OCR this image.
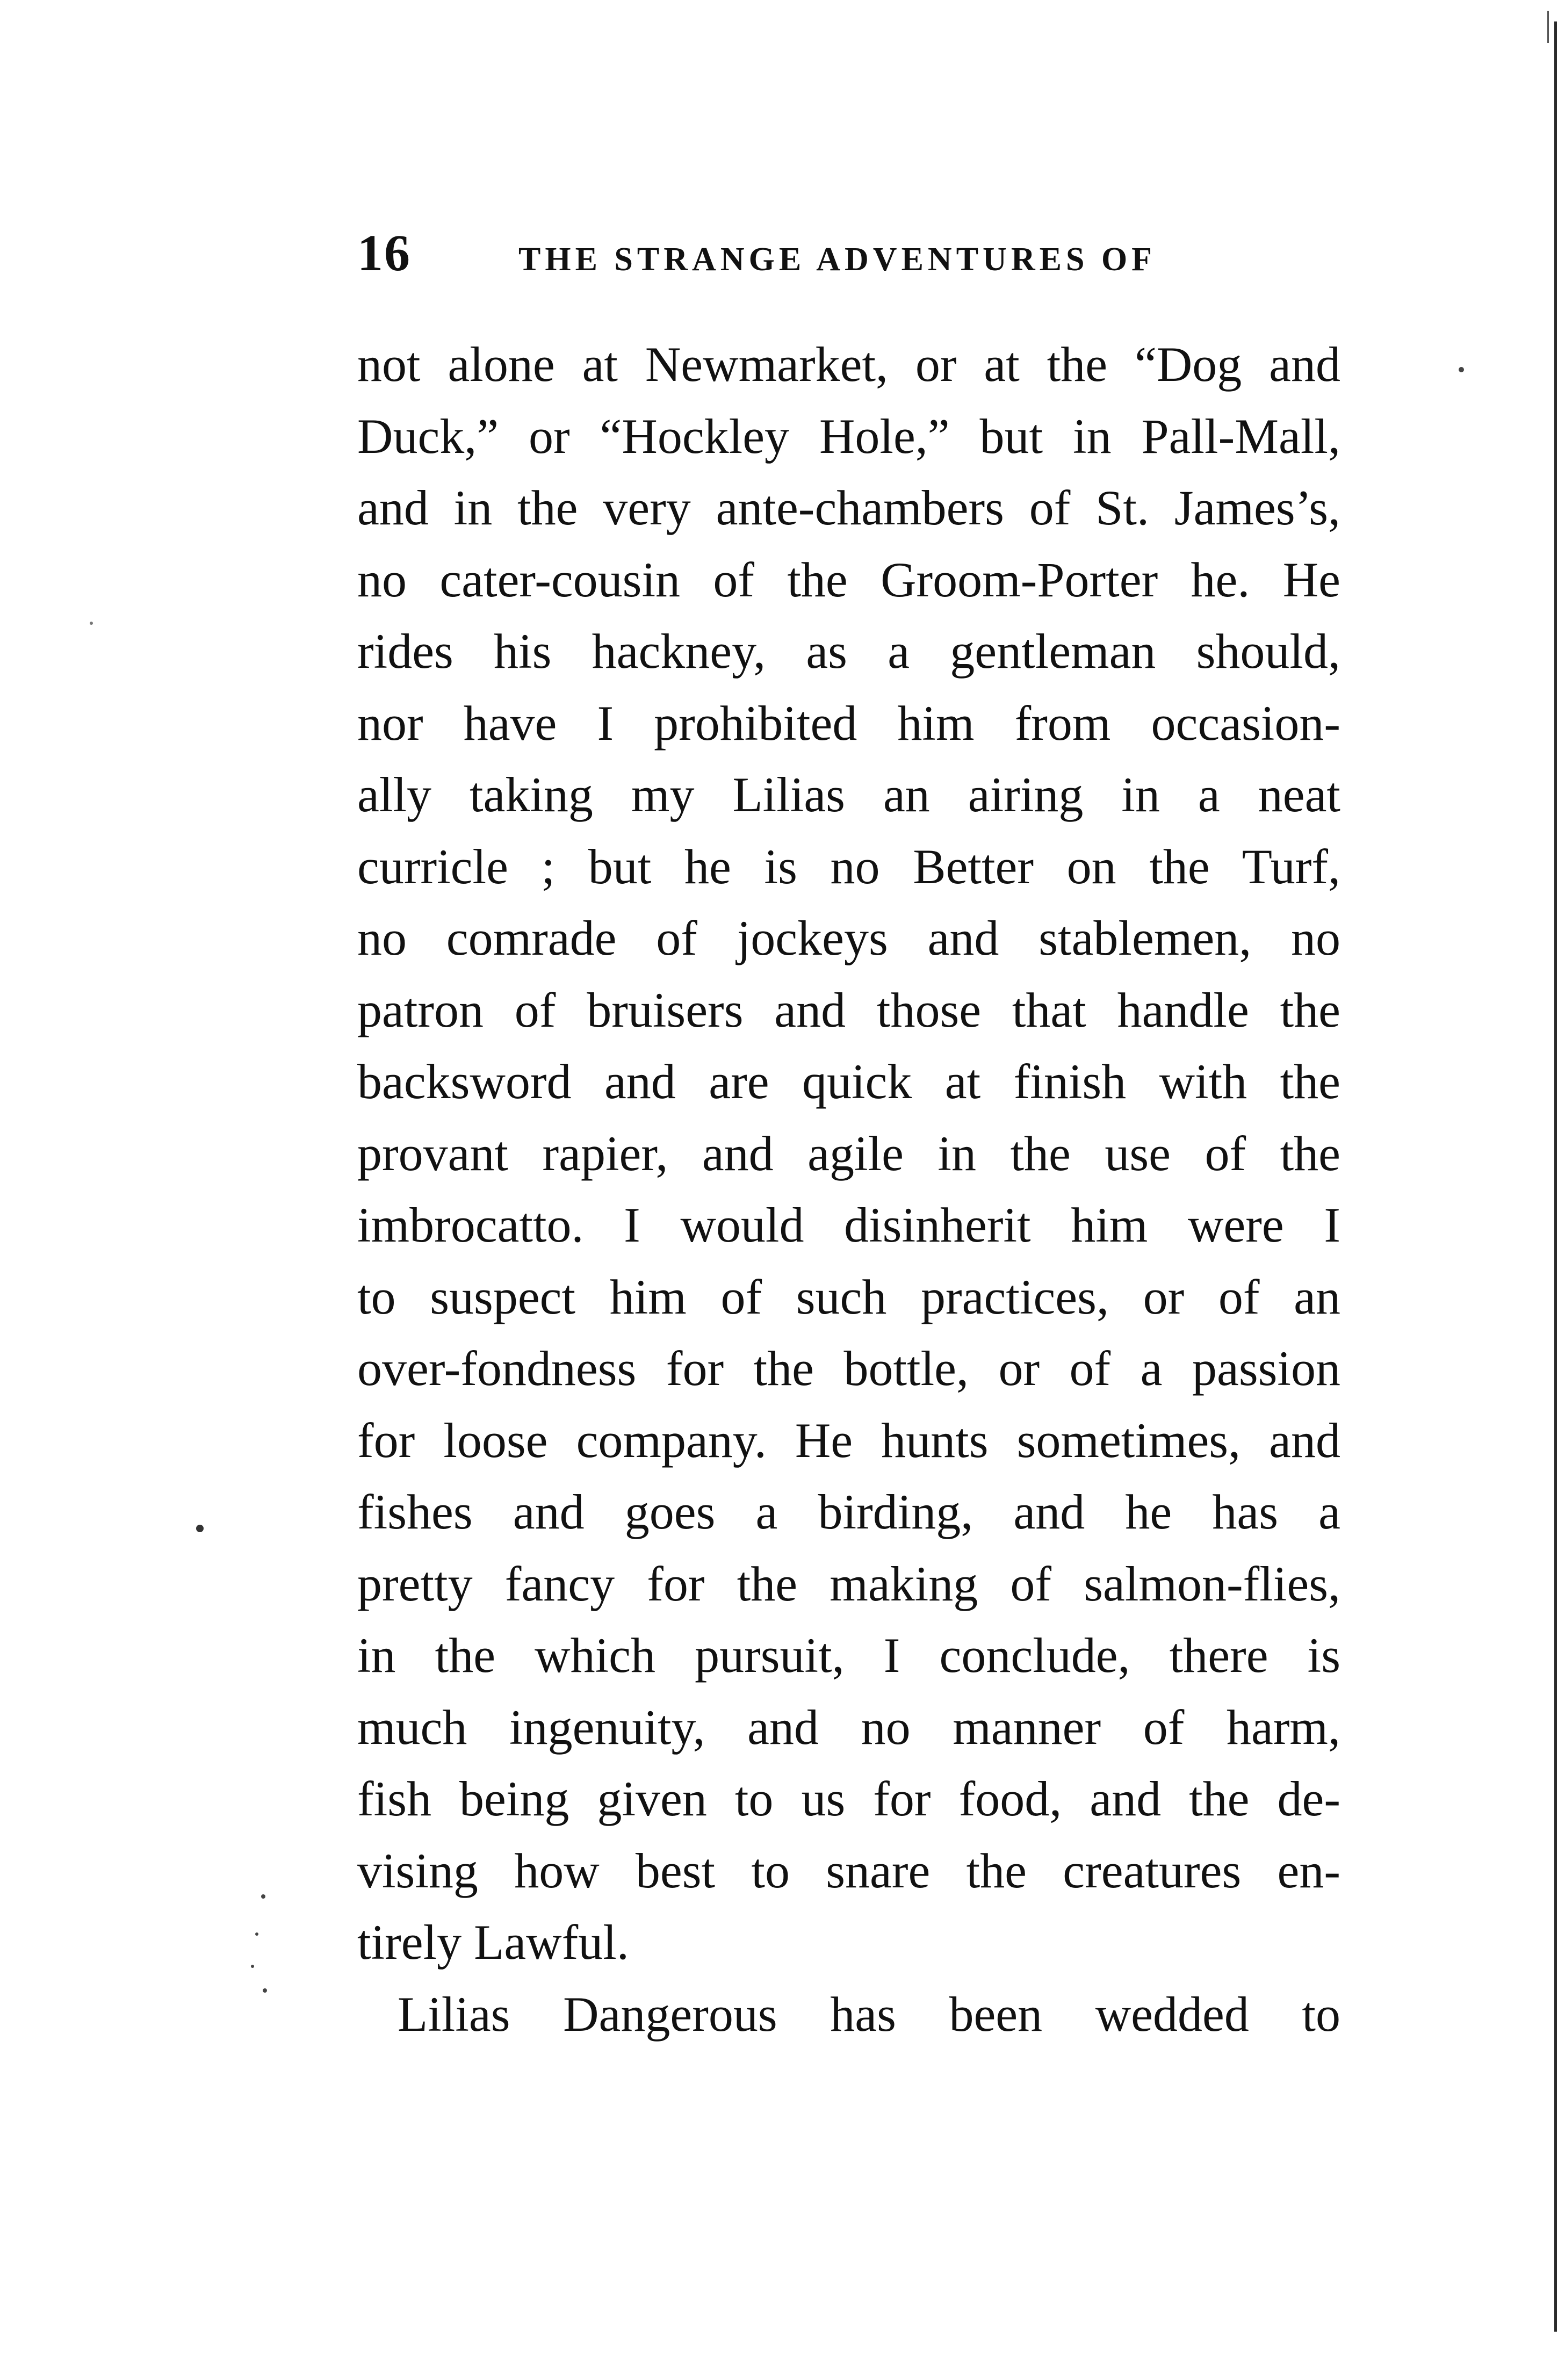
16	THE STRANGE ADVENTURES OF
not alone at Newmarket, or at the “Dog and
Duck,” or “Hockley Hole,” but in Pall-Mall,
and in the very ante-chambers of St. James’s,
no cater-cousin of the Groom-Porter he. He
rides his hackney, as a gentleman should,
nor have I prohibited him from occasion-
ally taking my Lilias an airing in a neat
curricle ; but he is no Better on the Turf,
no comrade of jockeys and stablemen, no
patron of bruisers and those that handle the
backsword and are quick at finish with the
provant rapier, and agile in the use of the
imbrocatto. I would disinherit him were I
to suspect him of such practices, or of an
over-fondness for the bottle, or of a passion
for loose company. He hunts sometimes, and
fishes and goes a birding, and he has a
pretty fancy for the making of salmon-flies,
in the which pursuit, I conclude, there is
much ingenuity, and no manner of harm,
fish being given to us for food, and the de-
vising how best to snare the creatures en-
tirely Lawful.
Lilias Dangerous has been wedded to
